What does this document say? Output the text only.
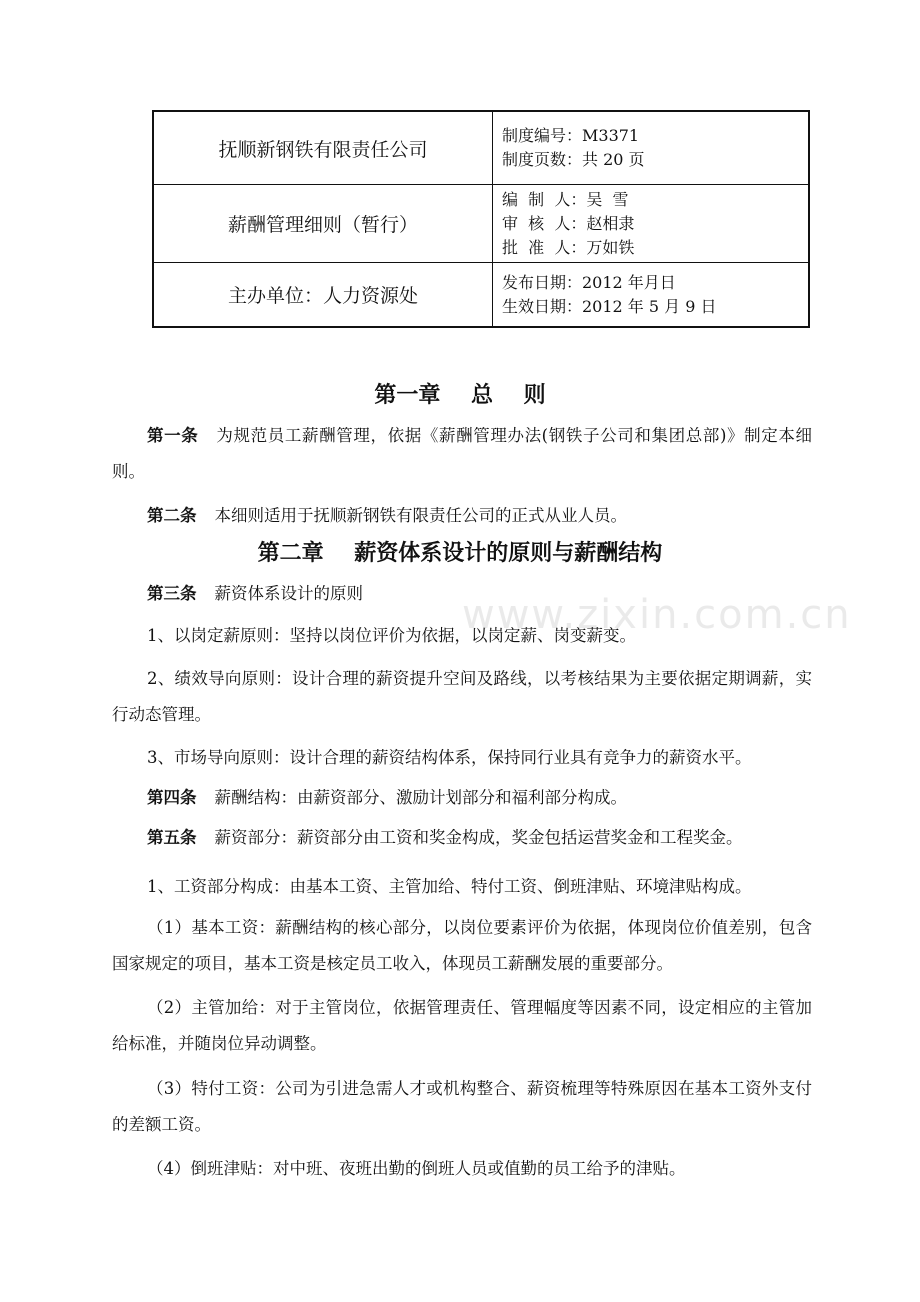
抚顺新钢铁有限责任公司
制度编号：M3371
制度页数：共 20 页
薪酬管理细则（暂行）
编  制  人：吴  雪
审  核  人：赵相隶
批  准  人：万如铁
主办单位：人力资源处
发布日期：2012 年月日
生效日期：2012 年 5 月 9 日
www.zixin.com.cn
第一章    总    则

第一条 为规范员工薪酬管理，依据《薪酬管理办法(钢铁子公司和集团总部)》制定本细则。

第二条 本细则适用于抚顺新钢铁有限责任公司的正式从业人员。

第二章    薪资体系设计的原则与薪酬结构

第三条 薪资体系设计的原则

1、以岗定薪原则：坚持以岗位评价为依据，以岗定薪、岗变薪变。

2、绩效导向原则：设计合理的薪资提升空间及路线，以考核结果为主要依据定期调薪，实行动态管理。

3、市场导向原则：设计合理的薪资结构体系，保持同行业具有竞争力的薪资水平。

第四条 薪酬结构：由薪资部分、激励计划部分和福利部分构成。

第五条 薪资部分：薪资部分由工资和奖金构成，奖金包括运营奖金和工程奖金。

1、工资部分构成：由基本工资、主管加给、特付工资、倒班津贴、环境津贴构成。

（1）基本工资：薪酬结构的核心部分，以岗位要素评价为依据，体现岗位价值差别，包含国家规定的项目，基本工资是核定员工收入，体现员工薪酬发展的重要部分。

（2）主管加给：对于主管岗位，依据管理责任、管理幅度等因素不同，设定相应的主管加给标准，并随岗位异动调整。

（3）特付工资：公司为引进急需人才或机构整合、薪资梳理等特殊原因在基本工资外支付的差额工资。

（4）倒班津贴：对中班、夜班出勤的倒班人员或值勤的员工给予的津贴。
